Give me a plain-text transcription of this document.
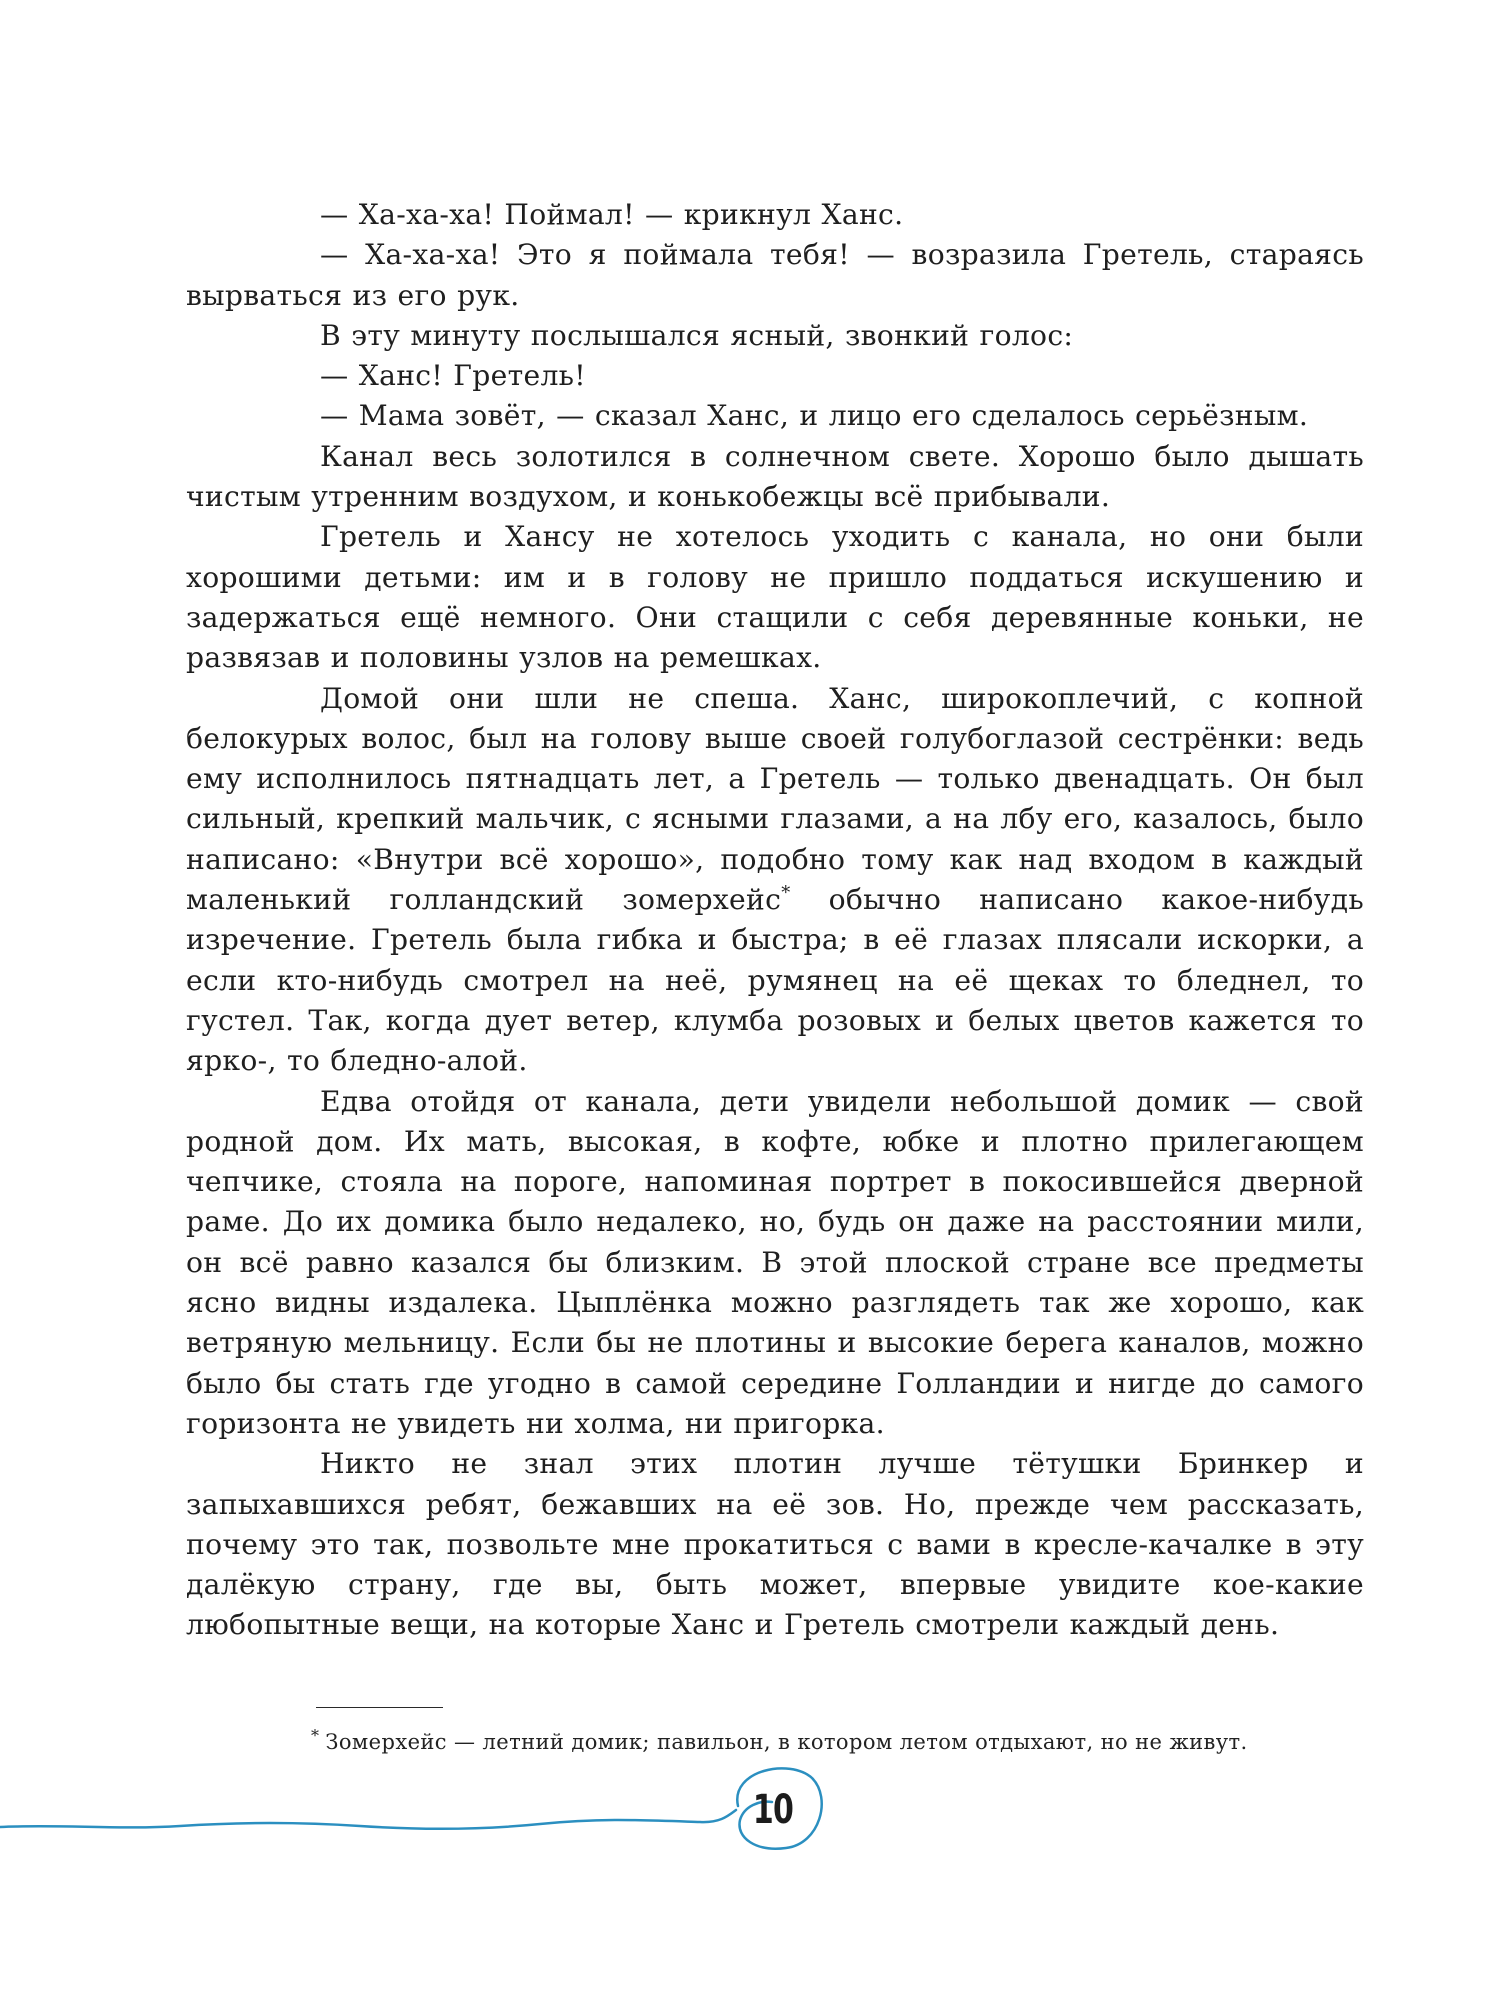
— Ха-ха-ха! Поймал! — крикнул Ханс.

— Ха-ха-ха! Это я поймала тебя! — возразила Гретель, стараясь вырваться из его рук.

В эту минуту послышался ясный, звонкий голос:

— Ханс! Гретель!

— Мама зовёт, — сказал Ханс, и лицо его сделалось серьёзным.

Канал весь золотился в солнечном свете. Хорошо было дышать чистым утренним воздухом, и конькобежцы всё прибывали.

Гретель и Хансу не хотелось уходить с канала, но они были хорошими детьми: им и в голову не пришло поддаться искушению и задержаться ещё немного. Они стащили с себя деревянные коньки, не развязав и половины узлов на ремешках.

Домой они шли не спеша. Ханс, широкоплечий, с копной белокурых волос, был на голову выше своей голубоглазой сестрёнки: ведь ему исполнилось пятнадцать лет, а Гретель — только двенадцать. Он был сильный, крепкий мальчик, с ясными глазами, а на лбу его, казалось, было написано: «Внутри всё хорошо», подобно тому как над входом в каждый маленький голландский зомерхейс* обычно написано какое-нибудь изречение. Гретель была гибка и быстра; в её глазах плясали искорки, а если кто-нибудь смотрел на неё, румянец на её щеках то бледнел, то густел. Так, когда дует ветер, клумба розовых и белых цветов кажется то ярко-, то бледно-алой.

Едва отойдя от канала, дети увидели небольшой домик — свой родной дом. Их мать, высокая, в кофте, юбке и плотно прилегающем чепчике, стояла на пороге, напоминая портрет в покосившейся дверной раме. До их домика было недалеко, но, будь он даже на расстоянии мили, он всё равно казался бы близким. В этой плоской стране все предметы ясно видны издалека. Цыплёнка можно разглядеть так же хорошо, как ветряную мельницу. Если бы не плотины и высокие берега каналов, можно было бы стать где угодно в самой середине Голландии и нигде до самого горизонта не увидеть ни холма, ни пригорка.

Никто не знал этих плотин лучше тётушки Бринкер и запыхавшихся ребят, бежавших на её зов. Но, прежде чем рассказать, почему это так, позвольте мне прокатиться с вами в кресле-качалке в эту далёкую страну, где вы, быть может, впервые увидите кое-какие любопытные вещи, на которые Ханс и Гретель смотрели каждый день.

* Зомерхейс — летний домик; павильон, в котором летом отдыхают, но не живут.
10
